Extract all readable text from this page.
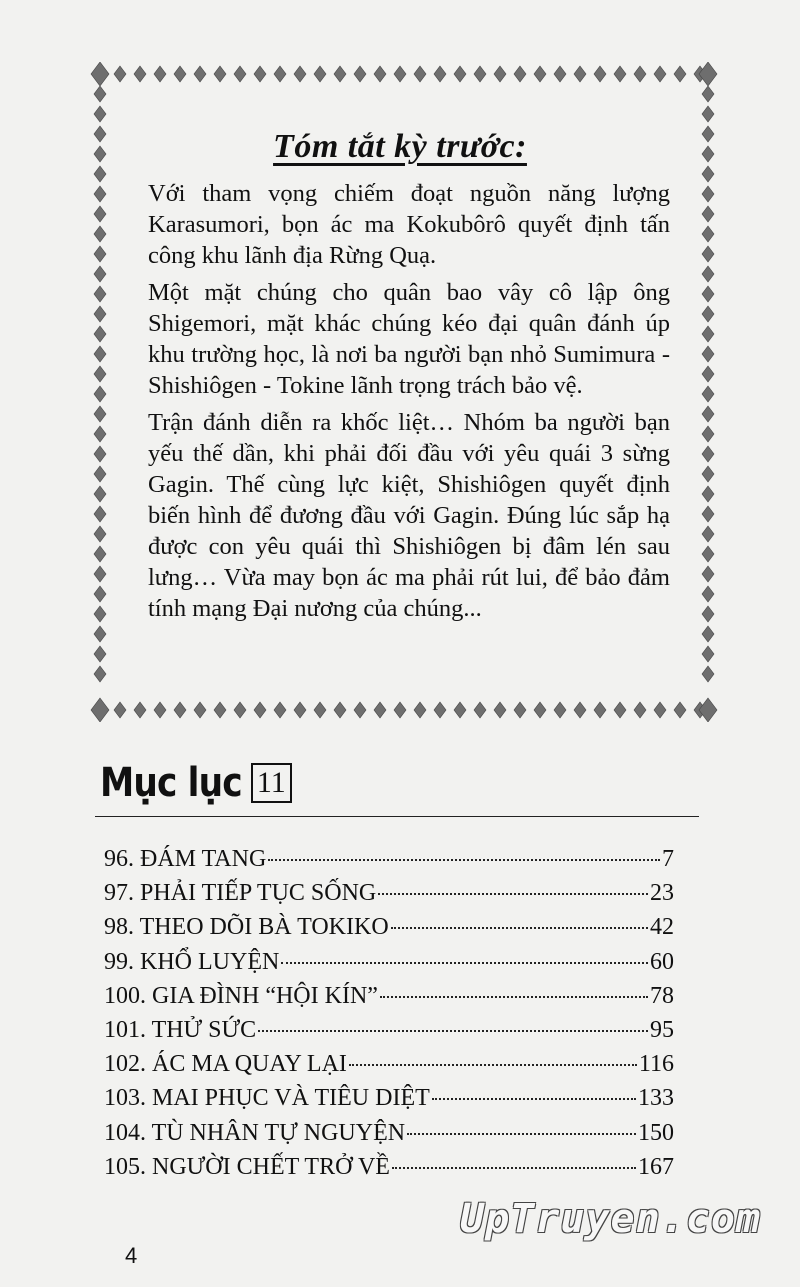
Tóm tắt kỳ trước:

Với tham vọng chiếm đoạt nguồn năng lượng Karasumori, bọn ác ma Kokubôrô quyết định tấn công khu lãnh địa Rừng Quạ.

Một mặt chúng cho quân bao vây cô lập ông Shigemori, mặt khác chúng kéo đại quân đánh úp khu trường học, là nơi ba người bạn nhỏ Sumimura - Shishiôgen - Tokine lãnh trọng trách bảo vệ.

Trận đánh diễn ra khốc liệt… Nhóm ba người bạn yếu thế dần, khi phải đối đầu với yêu quái 3 sừng Gagin. Thế cùng lực kiệt, Shishiôgen quyết định biến hình để đương đầu với Gagin. Đúng lúc sắp hạ được con yêu quái thì Shishiôgen bị đâm lén sau lưng… Vừa may bọn ác ma phải rút lui, để bảo đảm tính mạng Đại nương của chúng...

Mục lục 11
96. ĐÁM TANG	7
97. PHẢI TIẾP TỤC SỐNG	23
98. THEO DÕI BÀ TOKIKO	42
99. KHỔ LUYỆN	60
100. GIA ĐÌNH “HỘI KÍN”	78
101. THỬ SỨC	95
102. ÁC MA QUAY LẠI	116
103. MAI PHỤC VÀ TIÊU DIỆT	133
104. TÙ NHÂN TỰ NGUYỆN	150
105. NGƯỜI CHẾT TRỞ VỀ	167
4
UpTruyen.com
